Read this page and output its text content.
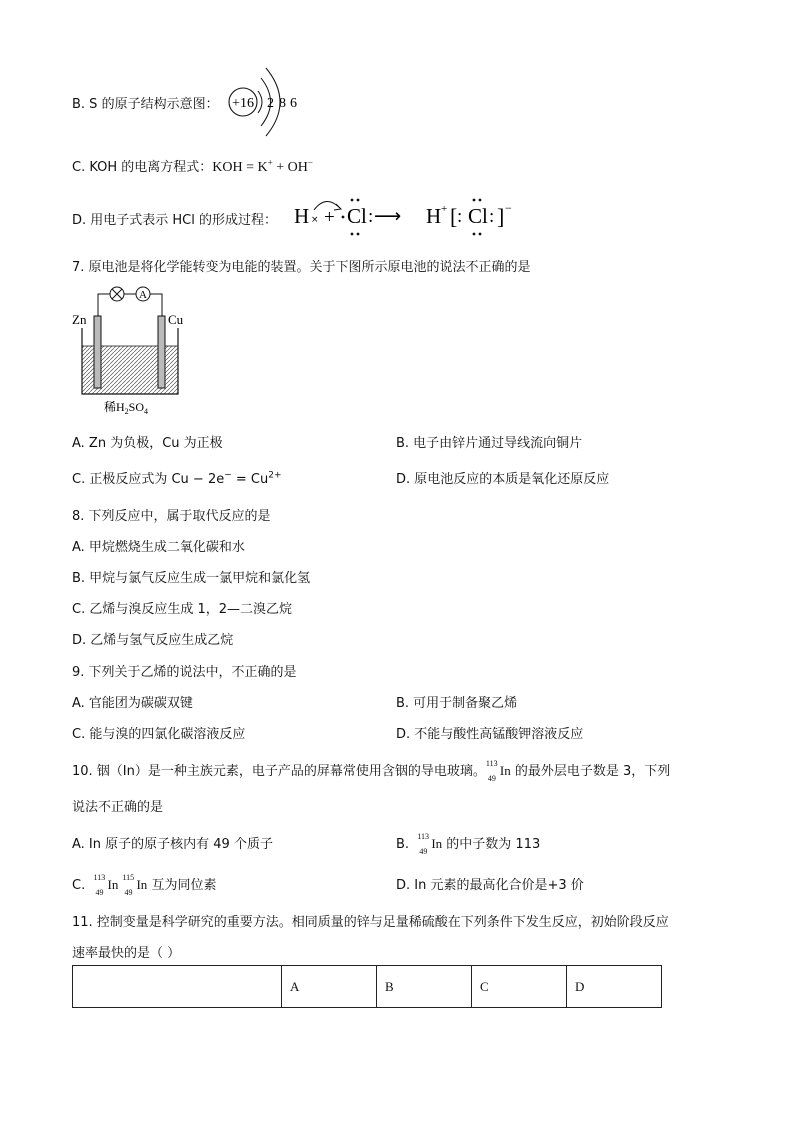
B. S 的原子结构示意图： +16 2 8 6
C. KOH 的电离方程式：KOH = K+ + OH−
D. 用电子式表示 HCl 的形成过程： H × + Cl : ⟶ H + [ : Cl : ] −
7. 原电池是将化学能转变为电能的装置。关于下图所示原电池的说法不正确的是
A
Zn	Cu
稀$H_2SO_4$
A. Zn 为负极，Cu 为正极	B. 电子由锌片通过导线流向铜片
C. 正极反应式为 $Cu - 2e^- = Cu^{2+}$	D. 原电池反应的本质是氧化还原反应
8. 下列反应中，属于取代反应的是
A. 甲烷燃烧生成二氧化碳和水
B. 甲烷与氯气反应生成一氯甲烷和氯化氢
C. 乙烯与溴反应生成 1，2—二溴乙烷
D. 乙烯与氢气反应生成乙烷
9. 下列关于乙烯的说法中，不正确的是
A. 官能团为碳碳双键	B. 可用于制备聚乙烯
C. 能与溴的四氯化碳溶液反应	D. 不能与酸性高锰酸钾溶液反应
10. 铟（In）是一种主族元素，电子产品的屏幕常使用含铟的导电玻璃。
113
49
In 的最外层电子数是 3，下列
说法不正确的是
A. In 原子的原子核内有 49 个质子	B.
113
49
In 的中子数为 113
C.
113
49
In 115
49
In 互为同位素	D. In 元素的最高化合价是+3 价
11. 控制变量是科学研究的重要方法。相同质量的锌与足量稀硫酸在下列条件下发生反应，初始阶段反应
速率最快的是（ ）
	A	B	C	D
